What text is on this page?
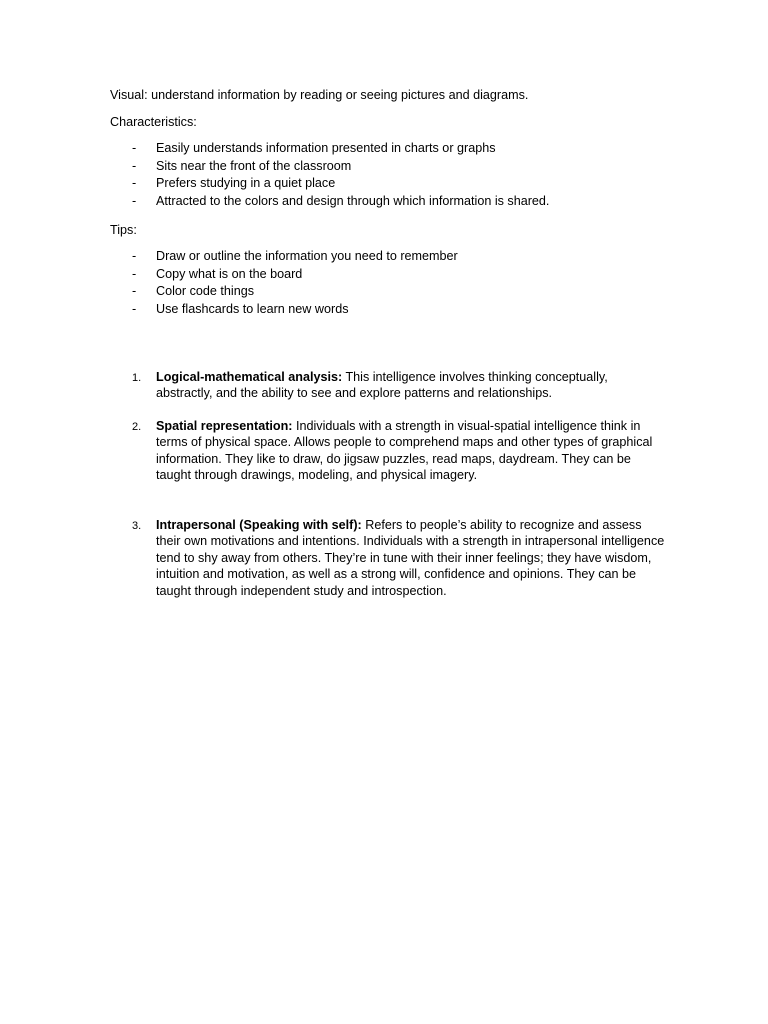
Visual: understand information by reading or seeing pictures and diagrams.

Characteristics:

- Easily understands information presented in charts or graphs
- Sits near the front of the classroom
- Prefers studying in a quiet place
- Attracted to the colors and design through which information is shared.

Tips:

- Draw or outline the information you need to remember
- Copy what is on the board
- Color code things
- Use flashcards to learn new words
1. Logical-mathematical analysis: This intelligence involves thinking conceptually, abstractly, and the ability to see and explore patterns and relationships.
2. Spatial representation: Individuals with a strength in visual-spatial intelligence think in terms of physical space. Allows people to comprehend maps and other types of graphical information. They like to draw, do jigsaw puzzles, read maps, daydream. They can be taught through drawings, modeling, and physical imagery.
3. Intrapersonal (Speaking with self): Refers to people’s ability to recognize and assess their own motivations and intentions. Individuals with a strength in intrapersonal intelligence tend to shy away from others. They’re in tune with their inner feelings; they have wisdom, intuition and motivation, as well as a strong will, confidence and opinions. They can be taught through independent study and introspection.
